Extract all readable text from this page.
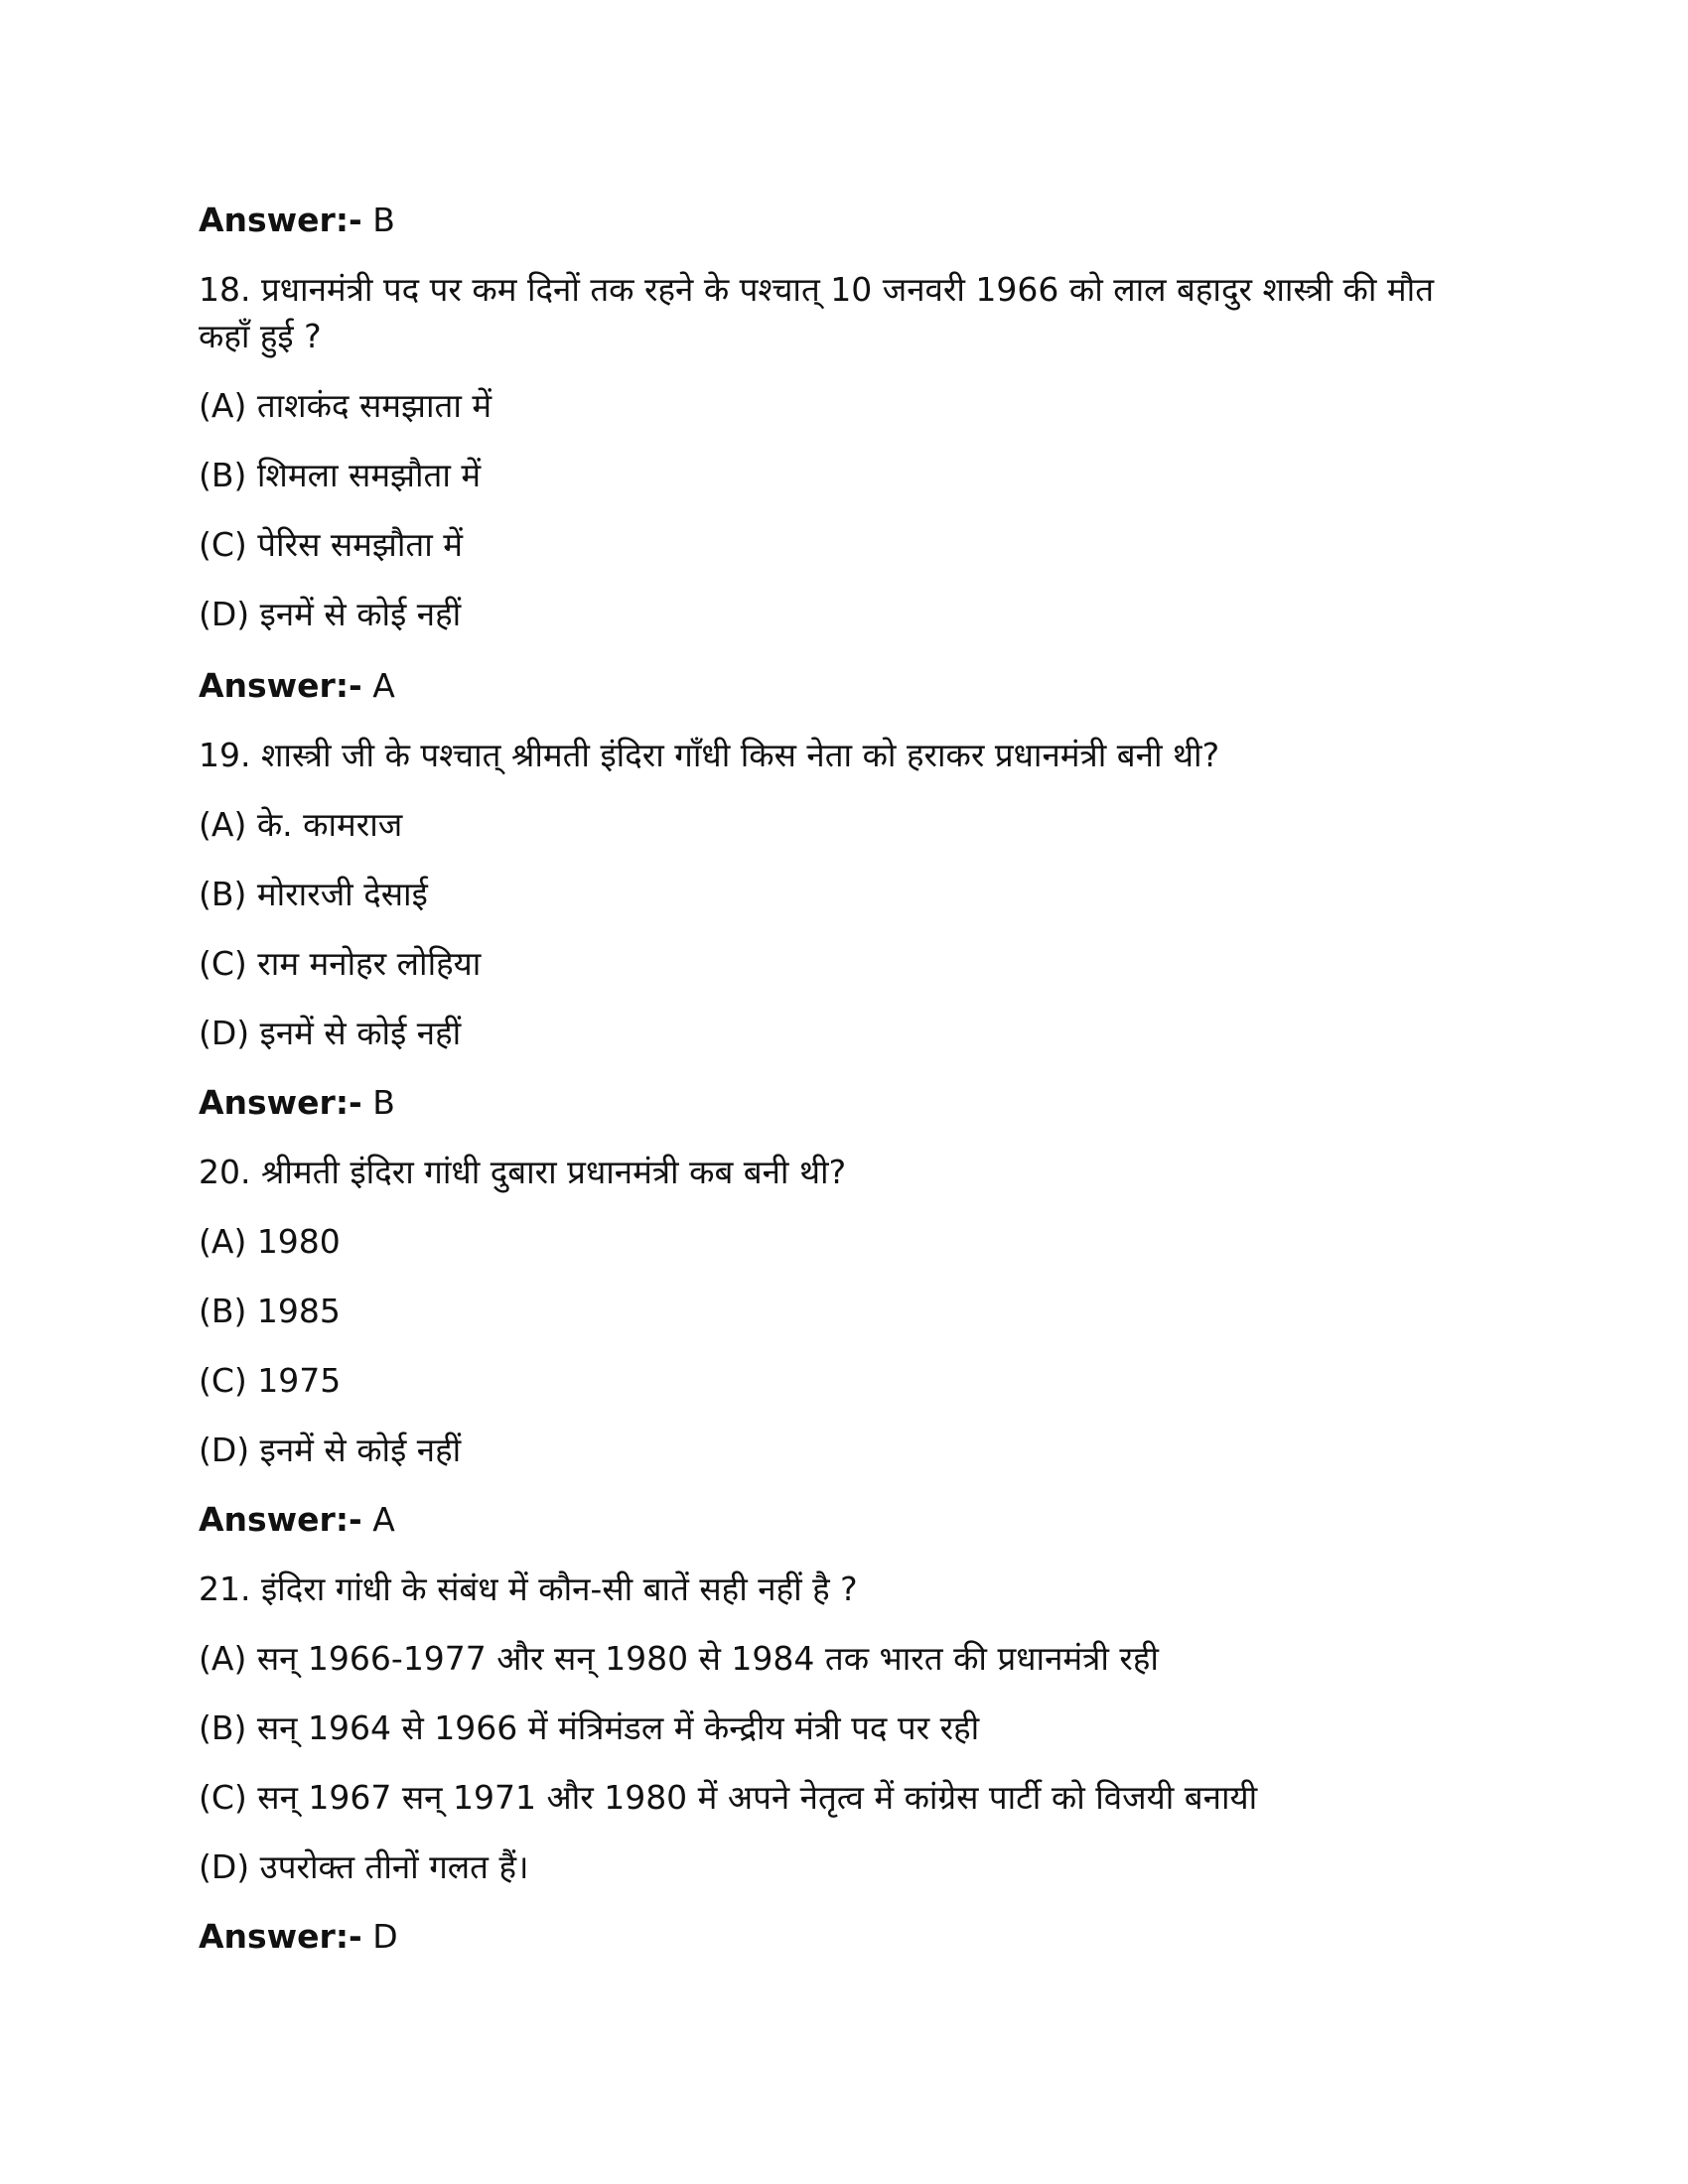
Answer:- B
18. प्रधानमंत्री पद पर कम दिनों तक रहने के पश्चात् 10 जनवरी 1966 को लाल बहादुर शास्त्री की मौत
कहाँ हुई ?
(A) ताशकंद समझाता में
(B) शिमला समझौता में
(C) पेरिस समझौता में
(D) इनमें से कोई नहीं
Answer:- A
19. शास्त्री जी के पश्चात् श्रीमती इंदिरा गाँधी किस नेता को हराकर प्रधानमंत्री बनी थी?
(A) के. कामराज
(B) मोरारजी देसाई
(C) राम मनोहर लोहिया
(D) इनमें से कोई नहीं
Answer:- B
20. श्रीमती इंदिरा गांधी दुबारा प्रधानमंत्री कब बनी थी?
(A) 1980
(B) 1985
(C) 1975
(D) इनमें से कोई नहीं
Answer:- A
21. इंदिरा गांधी के संबंध में कौन-सी बातें सही नहीं है ?
(A) सन् 1966-1977 और सन् 1980 से 1984 तक भारत की प्रधानमंत्री रही
(B) सन् 1964 से 1966 में मंत्रिमंडल में केन्द्रीय मंत्री पद पर रही
(C) सन् 1967 सन् 1971 और 1980 में अपने नेतृत्व में कांग्रेस पार्टी को विजयी बनायी
(D) उपरोक्त तीनों गलत हैं।
Answer:- D
